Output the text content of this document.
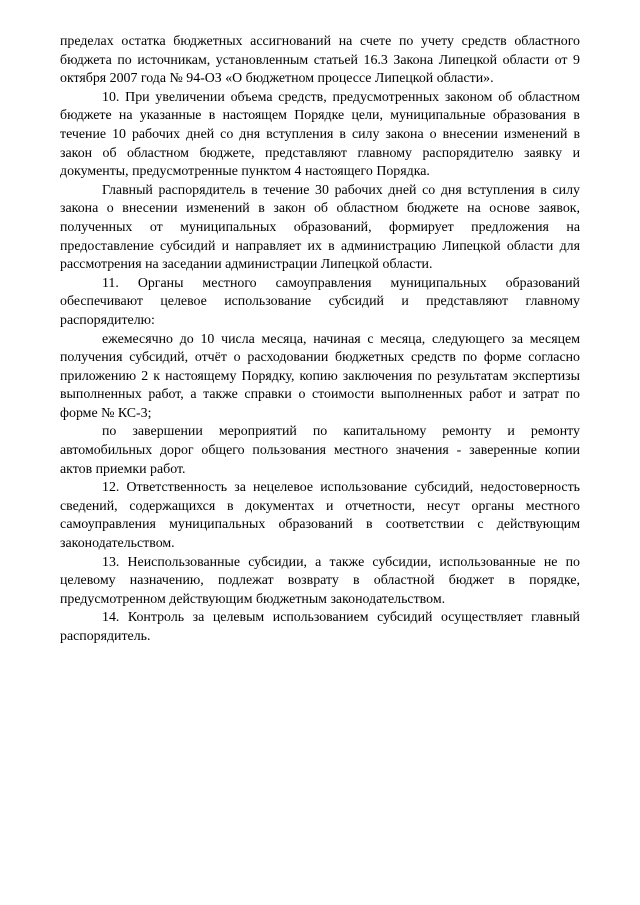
пределах остатка бюджетных ассигнований на счете по учету средств областного бюджета по источникам, установленным статьей 16.3 Закона Липецкой области от 9 октября 2007 года № 94-ОЗ «О бюджетном процессе Липецкой области».

10. При увеличении объема средств, предусмотренных законом об областном бюджете на указанные в настоящем Порядке цели, муниципальные образования в течение 10 рабочих дней со дня вступления в силу закона о внесении изменений в закон об областном бюджете, представляют главному распорядителю заявку и документы, предусмотренные пунктом 4 настоящего Порядка.

Главный распорядитель в течение 30 рабочих дней со дня вступления в силу закона о внесении изменений в закон об областном бюджете на основе заявок, полученных от муниципальных образований, формирует предложения на предоставление субсидий и направляет их в администрацию Липецкой области для рассмотрения на заседании администрации Липецкой области.

11. Органы местного самоуправления муниципальных образований обеспечивают целевое использование субсидий и представляют главному распорядителю:

ежемесячно до 10 числа месяца, начиная с месяца, следующего за месяцем получения субсидий, отчёт о расходовании бюджетных средств по форме согласно приложению 2 к настоящему Порядку, копию заключения по результатам экспертизы выполненных работ, а также справки о стоимости выполненных работ и затрат по форме № КС-3;

по завершении мероприятий по капитальному ремонту и ремонту автомобильных дорог общего пользования местного значения - заверенные копии актов приемки работ.

12. Ответственность за нецелевое использование субсидий, недостоверность сведений, содержащихся в документах и отчетности, несут органы местного самоуправления муниципальных образований в соответствии с действующим законодательством.

13. Неиспользованные субсидии, а также субсидии, использованные не по целевому назначению, подлежат возврату в областной бюджет в порядке, предусмотренном действующим бюджетным законодательством.

14. Контроль за целевым использованием субсидий осуществляет главный распорядитель.
